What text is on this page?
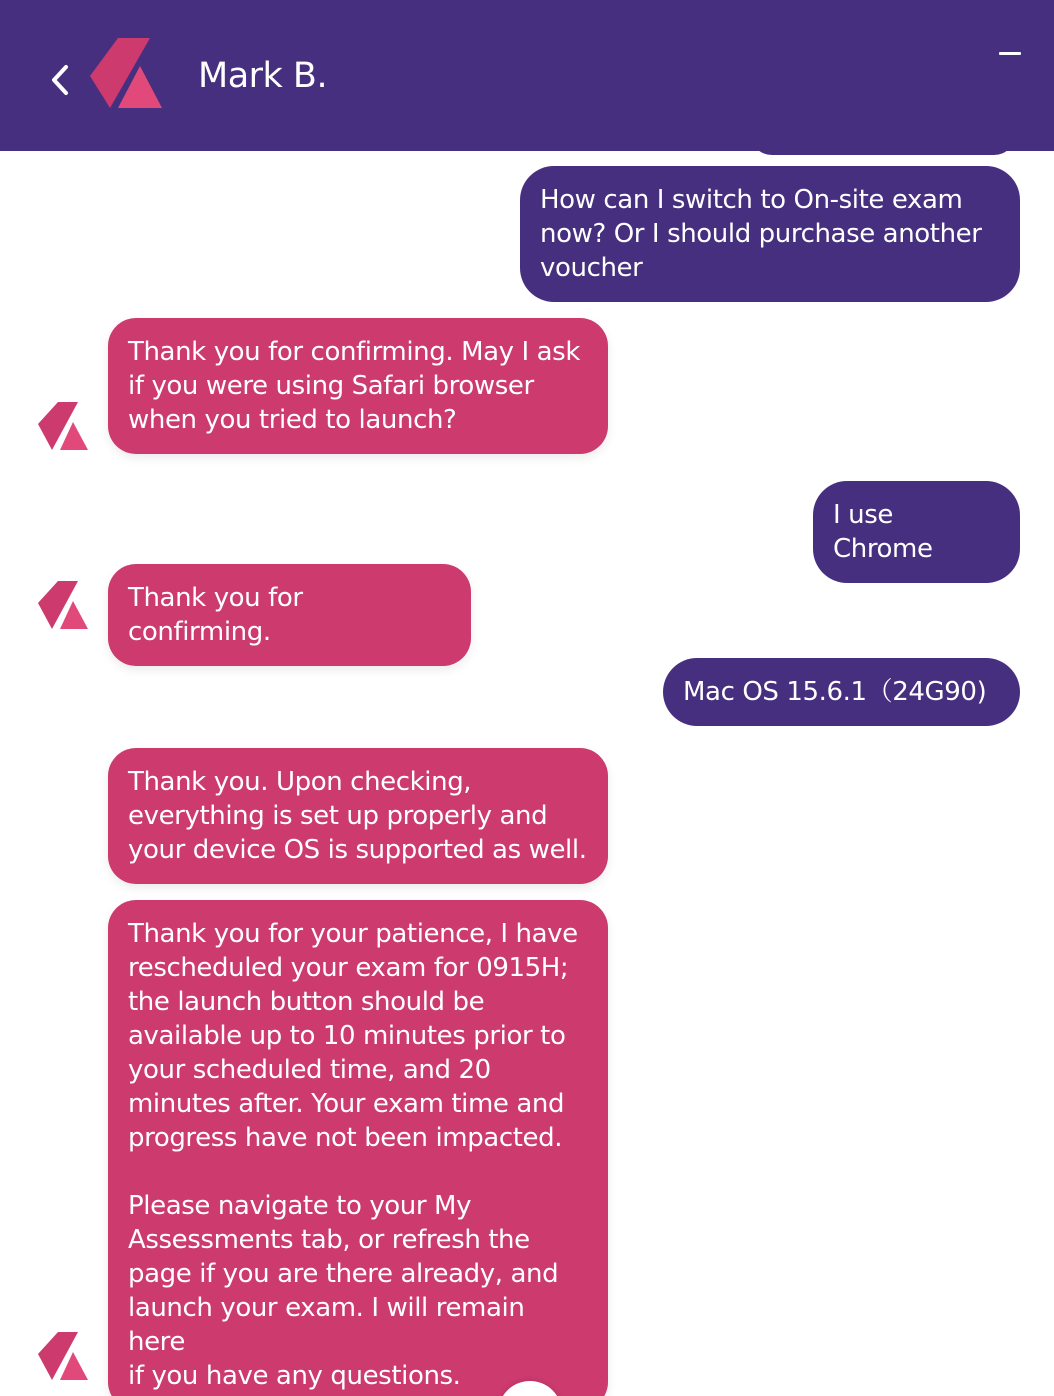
Mark B.
How can I switch to On-site exam
now? Or I should purchase another
voucher
Thank you for confirming. May I ask
if you were using Safari browser
when you tried to launch?
I use Chrome
Thank you for confirming.
Mac OS 15.6.1（24G90)
Thank you. Upon checking,
everything is set up properly and
your device OS is supported as well.
Thank you for your patience, I have
rescheduled your exam for 0915H;
the launch button should be
available up to 10 minutes prior to
your scheduled time, and 20
minutes after. Your exam time and
progress have not been impacted.

Please navigate to your My
Assessments tab, or refresh the
page if you are there already, and
launch your exam. I will remain here
if you have any questions.
